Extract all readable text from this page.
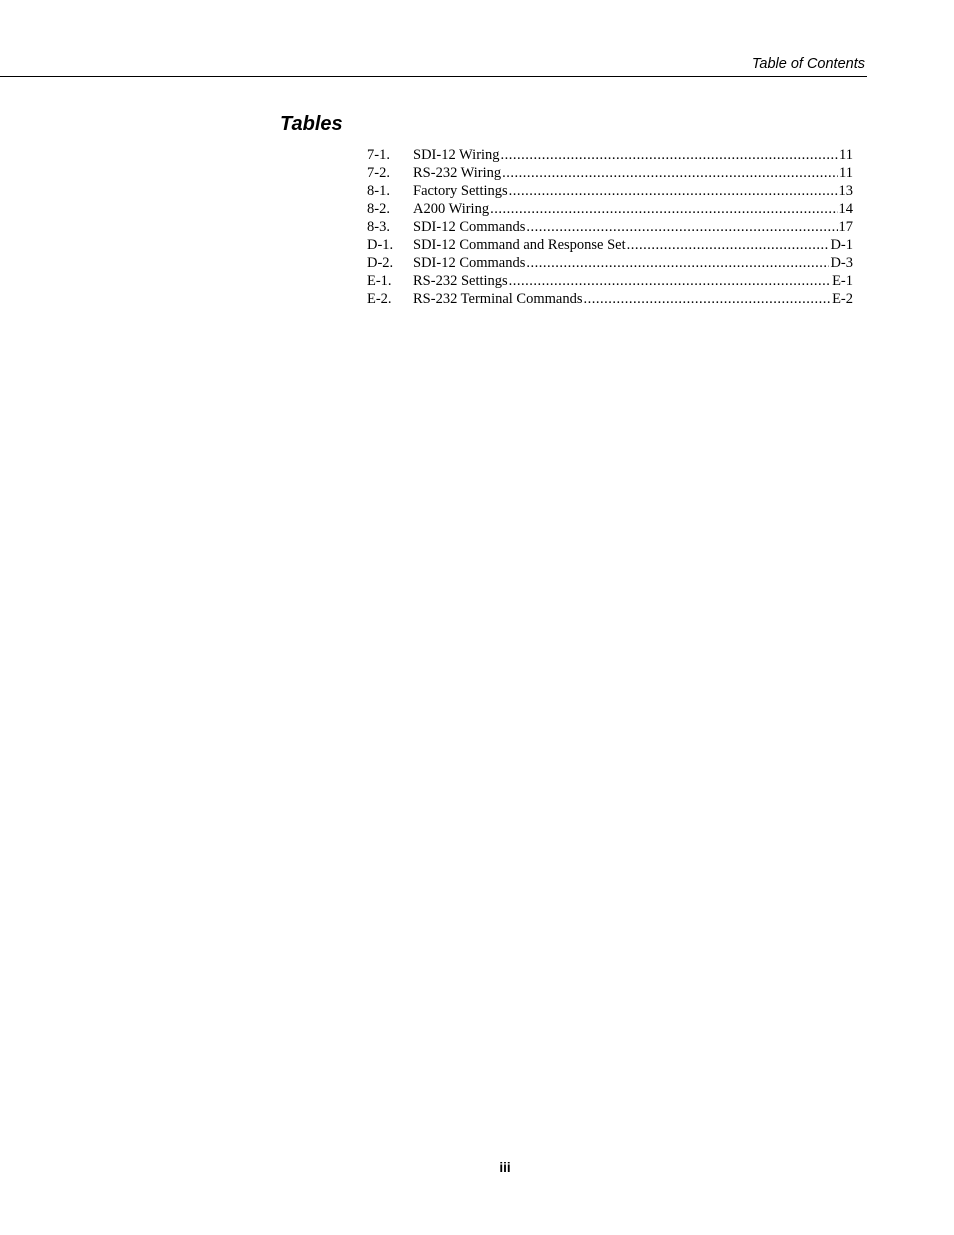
Table of Contents
Tables
7-1.	SDI-12 Wiring .....	11
7-2.	RS-232 Wiring .....	11
8-1.	Factory Settings .....	13
8-2.	A200 Wiring .....	14
8-3.	SDI-12 Commands .....	17
D-1.	SDI-12 Command and Response Set .....	D-1
D-2.	SDI-12 Commands .....	D-3
E-1.	RS-232 Settings .....	E-1
E-2.	RS-232 Terminal Commands .....	E-2
iii
